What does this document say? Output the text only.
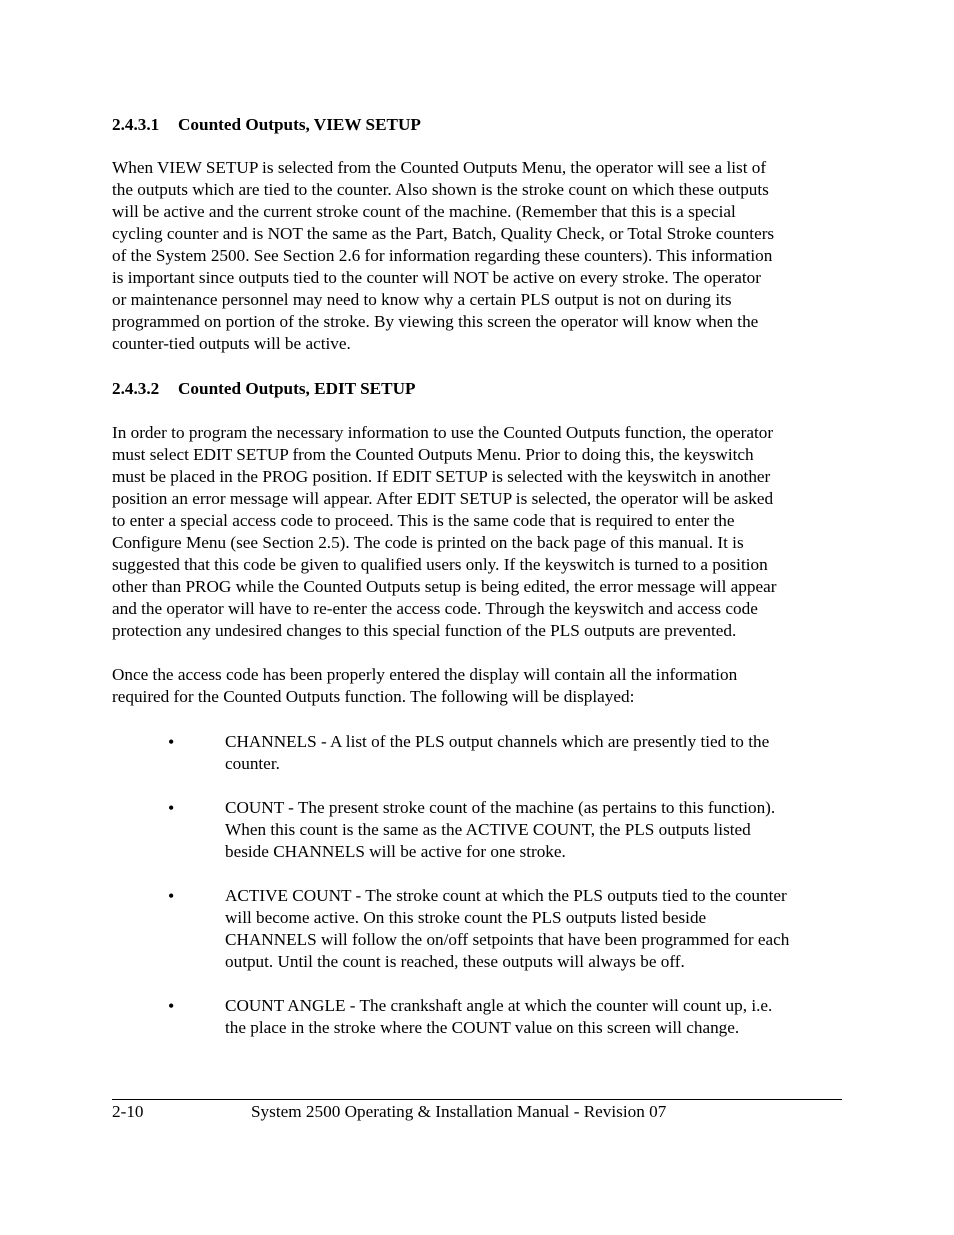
2.4.3.1 Counted Outputs, VIEW SETUP
When VIEW SETUP is selected from the Counted Outputs Menu, the operator will see a list of
the outputs which are tied to the counter. Also shown is the stroke count on which these outputs
will be active and the current stroke count of the machine. (Remember that this is a special
cycling counter and is NOT the same as the Part, Batch, Quality Check, or Total Stroke counters
of the System 2500. See Section 2.6 for information regarding these counters). This information
is important since outputs tied to the counter will NOT be active on every stroke. The operator
or maintenance personnel may need to know why a certain PLS output is not on during its
programmed on portion of the stroke. By viewing this screen the operator will know when the
counter-tied outputs will be active.
2.4.3.2 Counted Outputs, EDIT SETUP
In order to program the necessary information to use the Counted Outputs function, the operator
must select EDIT SETUP from the Counted Outputs Menu. Prior to doing this, the keyswitch
must be placed in the PROG position. If EDIT SETUP is selected with the keyswitch in another
position an error message will appear. After EDIT SETUP is selected, the operator will be asked
to enter a special access code to proceed. This is the same code that is required to enter the
Configure Menu (see Section 2.5). The code is printed on the back page of this manual. It is
suggested that this code be given to qualified users only. If the keyswitch is turned to a position
other than PROG while the Counted Outputs setup is being edited, the error message will appear
and the operator will have to re-enter the access code. Through the keyswitch and access code
protection any undesired changes to this special function of the PLS outputs are prevented.
Once the access code has been properly entered the display will contain all the information
required for the Counted Outputs function. The following will be displayed:
•	CHANNELS - A list of the PLS output channels which are presently tied to the
counter.
•	COUNT - The present stroke count of the machine (as pertains to this function).
When this count is the same as the ACTIVE COUNT, the PLS outputs listed
beside CHANNELS will be active for one stroke.
•	ACTIVE COUNT - The stroke count at which the PLS outputs tied to the counter
will become active. On this stroke count the PLS outputs listed beside
CHANNELS will follow the on/off setpoints that have been programmed for each
output. Until the count is reached, these outputs will always be off.
•	COUNT ANGLE - The crankshaft angle at which the counter will count up, i.e.
the place in the stroke where the COUNT value on this screen will change.
2-10	System 2500 Operating & Installation Manual - Revision 07
